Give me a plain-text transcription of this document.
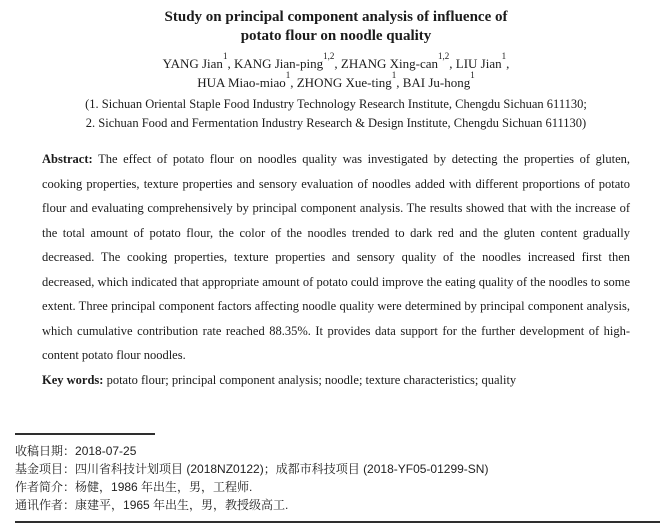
Study on principal component analysis of influence of
potato flour on noodle quality
YANG Jian$^1$, KANG Jian-ping$^{1,2}$, ZHANG Xing-can$^{1,2}$, LIU Jian$^1$,
HUA Miao-miao$^1$, ZHONG Xue-ting$^1$, BAI Ju-hong$^1$
(1. Sichuan Oriental Staple Food Industry Technology Research Institute, Chengdu Sichuan 611130;
2. Sichuan Food and Fermentation Industry Research & Design Institute, Chengdu Sichuan 611130)

Abstract: The effect of potato flour on noodles quality was investigated by detecting the properties of gluten, cooking properties, texture properties and sensory evaluation of noodles added with different proportions of potato flour and evaluating comprehensively by principal component analysis. The results showed that with the increase of the total amount of potato flour, the color of the noodles trended to dark red and the gluten content gradually decreased. The cooking properties, texture properties and sensory quality of the noodles increased first then decreased, which indicated that appropriate amount of potato could improve the eating quality of the noodles to some extent. Three principal component factors affecting noodle quality were determined by principal component analysis, which cumulative contribution rate reached 88.35%. It provides data support for the further development of high-content potato flour noodles.

Key words: potato flour; principal component analysis; noodle; texture characteristics; quality

收稿日期：2018-07-25
基金项目：四川省科技计划项目 (2018NZ0122)；成都市科技项目 (2018-YF05-01299-SN)
作者简介：杨健，1986 年出生，男，工程师.
通讯作者：康建平，1965 年出生，男，教授级高工.
